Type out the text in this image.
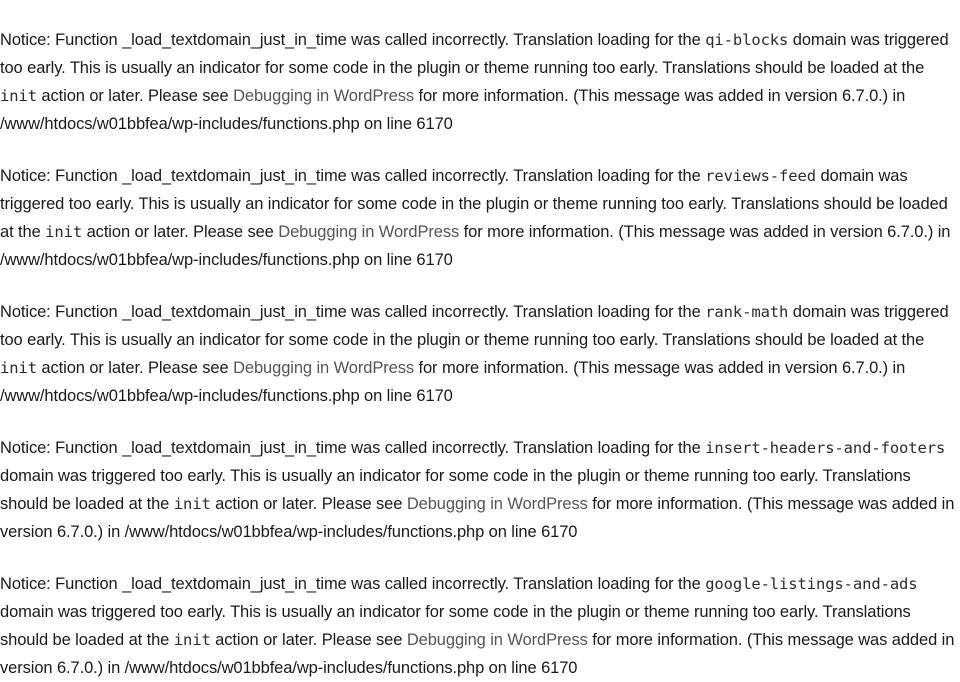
Notice: Function _load_textdomain_just_in_time was called incorrectly. Translation loading for the qi-blocks domain was triggered too early. This is usually an indicator for some code in the plugin or theme running too early. Translations should be loaded at the init action or later. Please see Debugging in WordPress for more information. (This message was added in version 6.7.0.) in /www/htdocs/w01bbfea/wp-includes/functions.php on line 6170

Notice: Function _load_textdomain_just_in_time was called incorrectly. Translation loading for the reviews-feed domain was triggered too early. This is usually an indicator for some code in the plugin or theme running too early. Translations should be loaded at the init action or later. Please see Debugging in WordPress for more information. (This message was added in version 6.7.0.) in /www/htdocs/w01bbfea/wp-includes/functions.php on line 6170

Notice: Function _load_textdomain_just_in_time was called incorrectly. Translation loading for the rank-math domain was triggered too early. This is usually an indicator for some code in the plugin or theme running too early. Translations should be loaded at the init action or later. Please see Debugging in WordPress for more information. (This message was added in version 6.7.0.) in /www/htdocs/w01bbfea/wp-includes/functions.php on line 6170

Notice: Function _load_textdomain_just_in_time was called incorrectly. Translation loading for the insert-headers-and-footers domain was triggered too early. This is usually an indicator for some code in the plugin or theme running too early. Translations should be loaded at the init action or later. Please see Debugging in WordPress for more information. (This message was added in version 6.7.0.) in /www/htdocs/w01bbfea/wp-includes/functions.php on line 6170

Notice: Function _load_textdomain_just_in_time was called incorrectly. Translation loading for the google-listings-and-ads domain was triggered too early. This is usually an indicator for some code in the plugin or theme running too early. Translations should be loaded at the init action or later. Please see Debugging in WordPress for more information. (This message was added in version 6.7.0.) in /www/htdocs/w01bbfea/wp-includes/functions.php on line 6170
